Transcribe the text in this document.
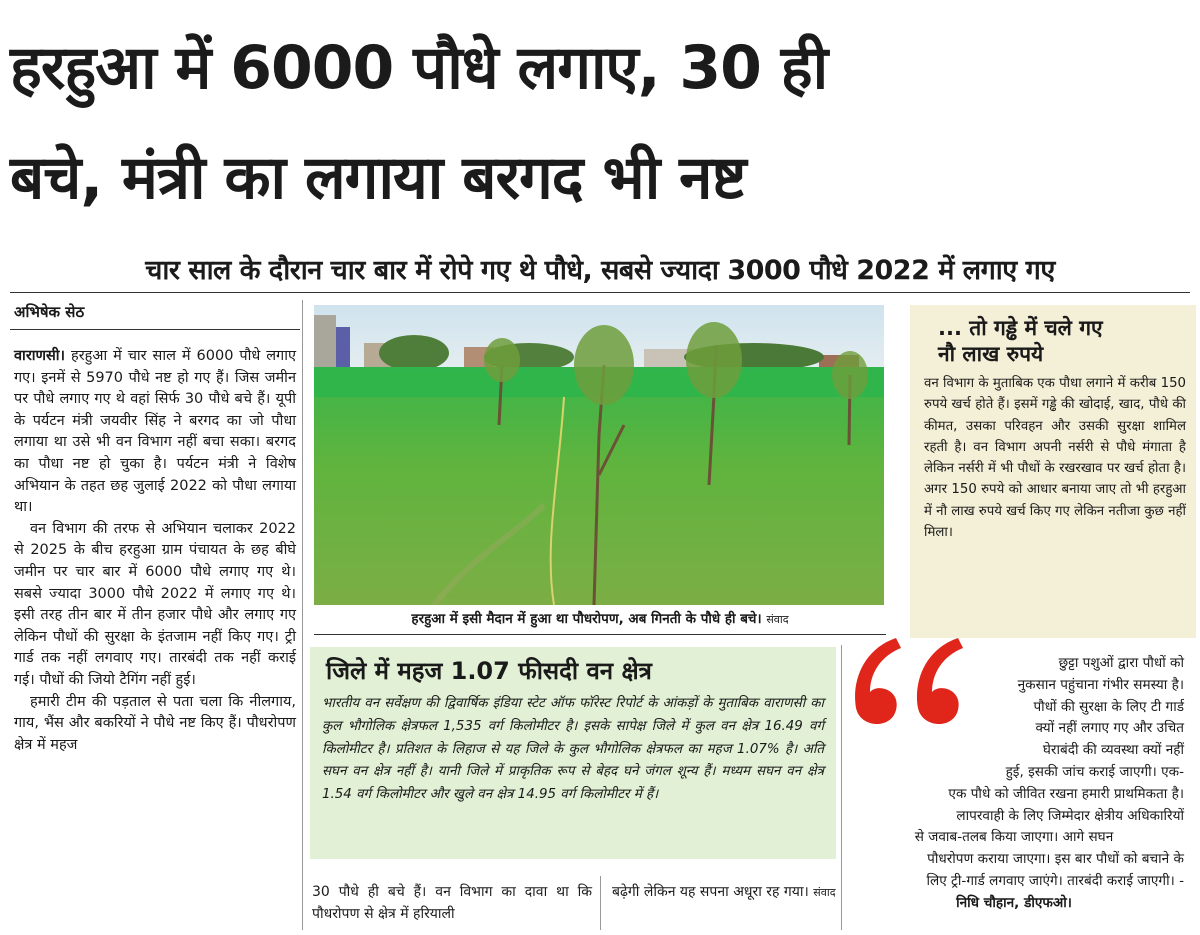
हरहुआ में 6000 पौधे लगाए, 30 ही
बचे, मंत्री का लगाया बरगद भी नष्ट
चार साल के दौरान चार बार में रोपे गए थे पौधे, सबसे ज्यादा 3000 पौधे 2022 में लगाए गए
अभिषेक सेठ

वाराणसी। हरहुआ में चार साल में 6000 पौधे लगाए गए। इनमें से 5970 पौधे नष्ट हो गए हैं। जिस जमीन पर पौधे लगाए गए थे वहां सिर्फ 30 पौधे बचे हैं। यूपी के पर्यटन मंत्री जयवीर सिंह ने बरगद का जो पौधा लगाया था उसे भी वन विभाग नहीं बचा सका। बरगद का पौधा नष्ट हो चुका है। पर्यटन मंत्री ने विशेष अभियान के तहत छह जुलाई 2022 को पौधा लगाया था।

वन विभाग की तरफ से अभियान चलाकर 2022 से 2025 के बीच हरहुआ ग्राम पंचायत के छह बीघे जमीन पर चार बार में 6000 पौधे लगाए गए थे। सबसे ज्यादा 3000 पौधे 2022 में लगाए गए थे। इसी तरह तीन बार में तीन हजार पौधे और लगाए गए लेकिन पौधों की सुरक्षा के इंतजाम नहीं किए गए। ट्री गार्ड तक नहीं लगवाए गए। तारबंदी तक नहीं कराई गई। पौधों की जियो टैगिंग नहीं हुई।

हमारी टीम की पड़ताल से पता चला कि नीलगाय, गाय, भैंस और बकरियों ने पौधे नष्ट किए हैं। पौधरोपण क्षेत्र में महज

हरहुआ में इसी मैदान में हुआ था पौधरोपण, अब गिनती के पौधे ही बचे। संवाद
... तो गड्ढे में चले गए
नौ लाख रुपये
वन विभाग के मुताबिक एक पौधा लगाने में करीब 150 रुपये खर्च होते हैं। इसमें गड्ढे की खोदाई, खाद, पौधे की कीमत, उसका परिवहन और उसकी सुरक्षा शामिल रहती है। वन विभाग अपनी नर्सरी से पौधे मंगाता है लेकिन नर्सरी में भी पौधों के रखरखाव पर खर्च होता है। अगर 150 रुपये को आधार बनाया जाए तो भी हरहुआ में नौ लाख रुपये खर्च किए गए लेकिन नतीजा कुछ नहीं मिला।
जिले में महज 1.07 फीसदी वन क्षेत्र
भारतीय वन सर्वेक्षण की द्विवार्षिक इंडिया स्टेट ऑफ फॉरेस्ट रिपोर्ट के आंकड़ों के मुताबिक वाराणसी का कुल भौगोलिक क्षेत्रफल 1,535 वर्ग किलोमीटर है। इसके सापेक्ष जिले में कुल वन क्षेत्र 16.49 वर्ग किलोमीटर है। प्रतिशत के लिहाज से यह जिले के कुल भौगोलिक क्षेत्रफल का महज 1.07% है। अति सघन वन क्षेत्र नहीं है। यानी जिले में प्राकृतिक रूप से बेहद घने जंगल शून्य हैं। मध्यम सघन वन क्षेत्र 1.54 वर्ग किलोमीटर और खुले वन क्षेत्र 14.95 वर्ग किलोमीटर में हैं।
30 पौधे ही बचे हैं। वन विभाग का दावा था कि पौधरोपण से क्षेत्र में हरियाली
बढ़ेगी लेकिन यह सपना अधूरा रह गया। संवाद
छुट्टा पशुओं द्वारा पौधों को
नुकसान पहुंचाना गंभीर समस्या है।
पौधों की सुरक्षा के लिए टी गार्ड
क्यों नहीं लगाए गए और उचित
घेराबंदी की व्यवस्था क्यों नहीं
हुई, इसकी जांच कराई जाएगी। एक-
एक पौधे को जीवित रखना हमारी प्राथमिकता है।
लापरवाही के लिए जिम्मेदार क्षेत्रीय अधिकारियों
से जवाब-तलब किया जाएगा। आगे सघन
पौधरोपण कराया जाएगा। इस बार पौधों को बचाने के
लिए ट्री-गार्ड लगवाए जाएंगे। तारबंदी कराई जाएगी। -
निधि चौहान, डीएफओ।
